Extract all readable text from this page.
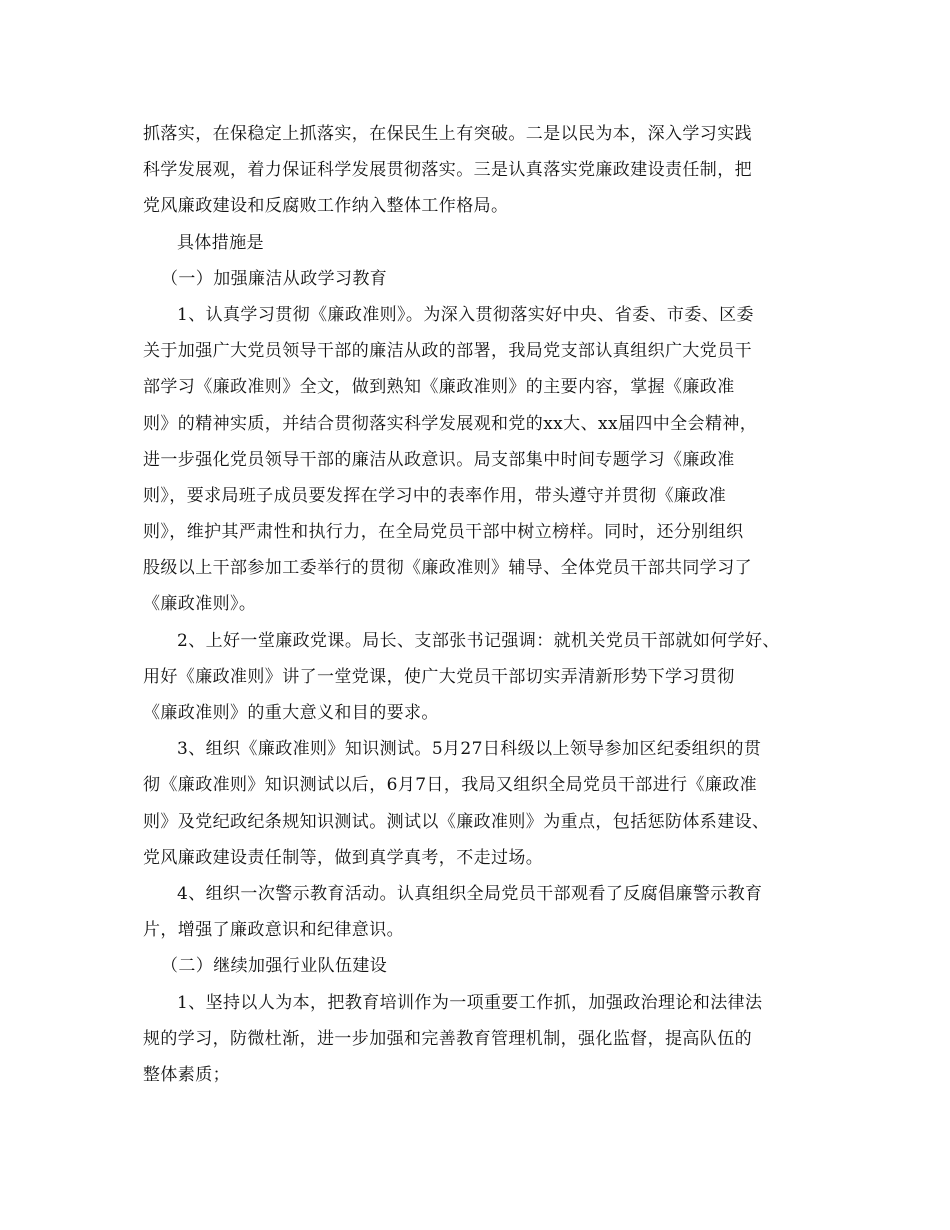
抓落实，在保稳定上抓落实，在保民生上有突破。二是以民为本，深入学习实践
科学发展观，着力保证科学发展贯彻落实。三是认真落实党廉政建设责任制，把
党风廉政建设和反腐败工作纳入整体工作格局。
具体措施是
（一）加强廉洁从政学习教育
1、认真学习贯彻《廉政准则》。为深入贯彻落实好中央、省委、市委、区委
关于加强广大党员领导干部的廉洁从政的部署，我局党支部认真组织广大党员干
部学习《廉政准则》全文，做到熟知《廉政准则》的主要内容，掌握《廉政准
则》的精神实质，并结合贯彻落实科学发展观和党的xx大、xx届四中全会精神，
进一步强化党员领导干部的廉洁从政意识。局支部集中时间专题学习《廉政准
则》，要求局班子成员要发挥在学习中的表率作用，带头遵守并贯彻《廉政准
则》，维护其严肃性和执行力，在全局党员干部中树立榜样。同时，还分别组织
股级以上干部参加工委举行的贯彻《廉政准则》辅导、全体党员干部共同学习了
《廉政准则》。
2、上好一堂廉政党课。局长、支部张书记强调：就机关党员干部就如何学好、
用好《廉政准则》讲了一堂党课，使广大党员干部切实弄清新形势下学习贯彻
《廉政准则》的重大意义和目的要求。
3、组织《廉政准则》知识测试。5月27日科级以上领导参加区纪委组织的贯
彻《廉政准则》知识测试以后，6月7日，我局又组织全局党员干部进行《廉政准
则》及党纪政纪条规知识测试。测试以《廉政准则》为重点，包括惩防体系建设、
党风廉政建设责任制等，做到真学真考，不走过场。
4、组织一次警示教育活动。认真组织全局党员干部观看了反腐倡廉警示教育
片，增强了廉政意识和纪律意识。
（二）继续加强行业队伍建设
1、坚持以人为本，把教育培训作为一项重要工作抓，加强政治理论和法律法
规的学习，防微杜渐，进一步加强和完善教育管理机制，强化监督，提高队伍的
整体素质；
